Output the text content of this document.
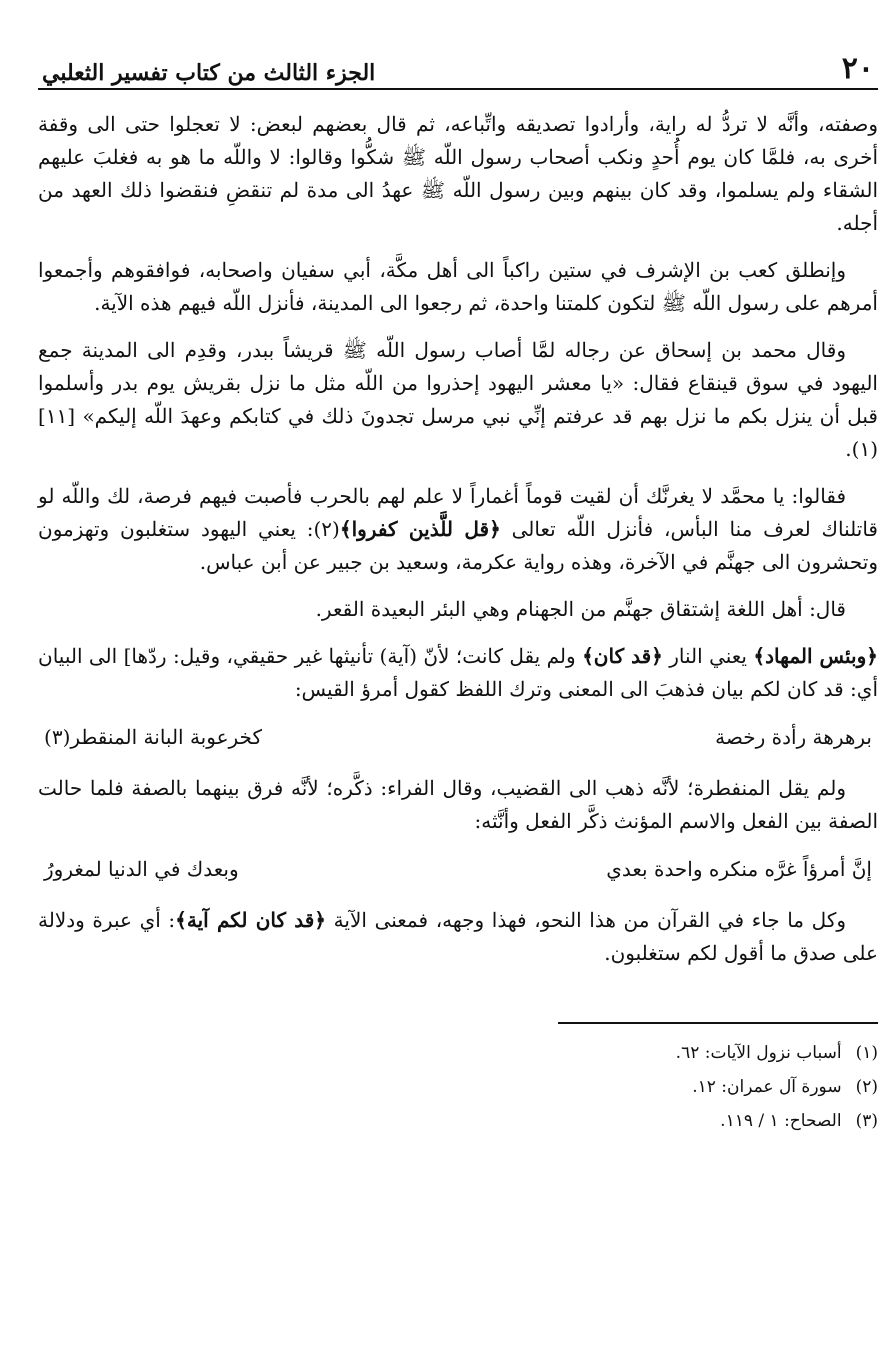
٢٠
الجزء الثالث من كتاب تفسير الثعلبي

وصفته، وأنَّه لا تردُّ له راية، وأرادوا تصديقه واتِّباعه، ثم قال بعضهم لبعض: لا تعجلوا حتى الى وقفة أخرى به، فلمَّا كان يوم أُحدٍ ونكب أصحاب رسول اللّه ﷺ شكُّوا وقالوا: لا واللّه ما هو به فغلبَ عليهم الشقاء ولم يسلموا، وقد كان بينهم وبين رسول اللّه ﷺ عهدُ الى مدة لم تنقضِ فنقضوا ذلك العهد من أجله.

وإنطلق كعب بن الإشرف في ستين راكباً الى أهل مكَّة، أبي سفيان واصحابه، فوافقوهم وأجمعوا أمرهم على رسول اللّه ﷺ لتكون كلمتنا واحدة، ثم رجعوا الى المدينة، فأنزل اللّه فيهم هذه الآية.

وقال محمد بن إسحاق عن رجاله لمَّا أصاب رسول اللّه ﷺ قريشاً ببدر، وقدِم الى المدينة جمع اليهود في سوق قينقاع فقال: «يا معشر اليهود إحذروا من اللّه مثل ما نزل بقريش يوم بدر وأسلموا قبل أن ينزل بكم ما نزل بهم قد عرفتم إنِّي نبي مرسل تجدونَ ذلك في كتابكم وعهدَ اللّه إليكم» [١١](١).

فقالوا: يا محمَّد لا يغرنَّك أن لقيت قوماً أغماراً لا علم لهم بالحرب فأصبت فيهم فرصة، لك واللّه لو قاتلناك لعرف منا البأس، فأنزل اللّه تعالى ﴿قل للَّذين كفروا﴾(٢): يعني اليهود ستغلبون وتهزمون وتحشرون الى جهنَّم في الآخرة، وهذه رواية عكرمة، وسعيد بن جبير عن أبن عباس.

قال: أهل اللغة إشتقاق جهنَّم من الجهنام وهي البئر البعيدة القعر.

﴿وبئس المهاد﴾ يعني النار ﴿قد كان﴾ ولم يقل كانت؛ لأنّ (آية) تأنيثها غير حقيقي، وقيل: ردّها] الى البيان أي: قد كان لكم بيان فذهبَ الى المعنى وترك اللفظ كقول أمرؤ القيس:

برهرهة رأدة رخصة
كخرعوبة البانة المنقطر(٣)

ولم يقل المنفطرة؛ لأنَّه ذهب الى القضيب، وقال الفراء: ذكَّره؛ لأنَّه فرق بينهما بالصفة فلما حالت الصفة بين الفعل والاسم المؤنث ذكَّر الفعل وأنَّثه:

إنَّ أمرؤاً غرَّه منكره واحدة بعدي
وبعدك في الدنيا لمغرورُ

وكل ما جاء في القرآن من هذا النحو، فهذا وجهه، فمعنى الآية ﴿قد كان لكم آية﴾: أي عبرة ودلالة على صدق ما أقول لكم ستغلبون.

(١)
أسباب نزول الآيات: ٦٢.
(٢)
سورة آل عمران: ١٢.
(٣)
الصحاح: ١ / ١١٩.
